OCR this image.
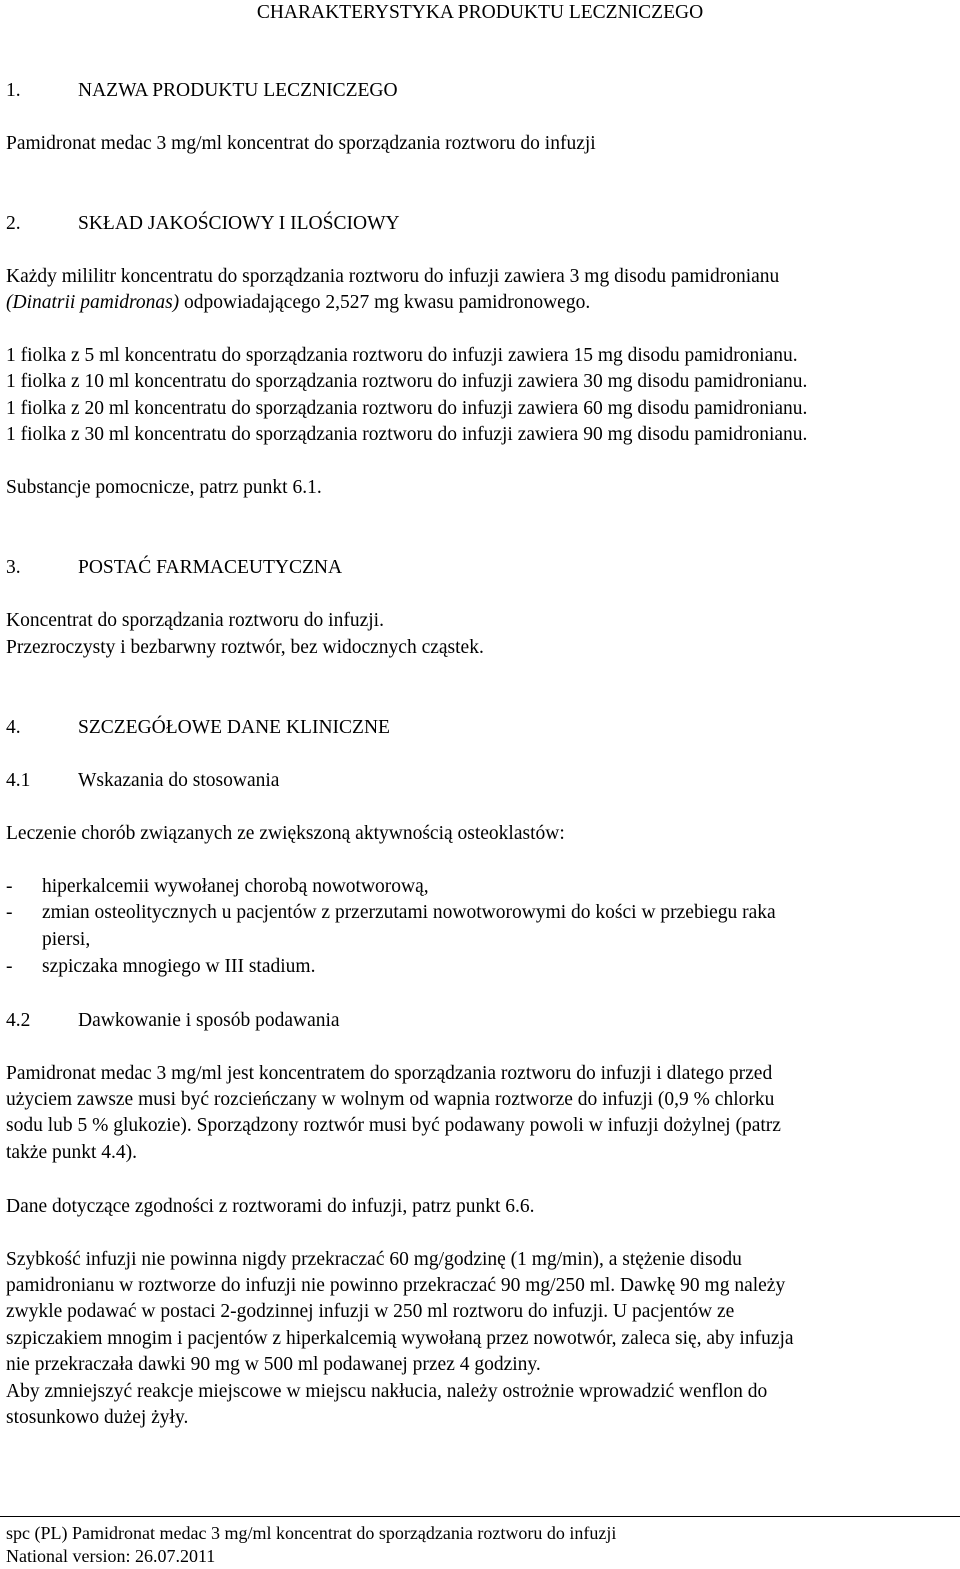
CHARAKTERYSTYKA PRODUKTU LECZNICZEGO
1.	NAZWA PRODUKTU LECZNICZEGO

Pamidronat medac 3 mg/ml koncentrat do sporządzania roztworu do infuzji
2.	SKŁAD JAKOŚCIOWY I ILOŚCIOWY

Każdy mililitr koncentratu do sporządzania roztworu do infuzji zawiera 3 mg disodu pamidronianu
(Dinatrii pamidronas) odpowiadającego 2,527 mg kwasu pamidronowego.
1 fiolka z 5 ml koncentratu do sporządzania roztworu do infuzji zawiera 15 mg disodu pamidronianu.
1 fiolka z 10 ml koncentratu do sporządzania roztworu do infuzji zawiera 30 mg disodu pamidronianu.
1 fiolka z 20 ml koncentratu do sporządzania roztworu do infuzji zawiera 60 mg disodu pamidronianu.
1 fiolka z 30 ml koncentratu do sporządzania roztworu do infuzji zawiera 90 mg disodu pamidronianu.
Substancje pomocnicze, patrz punkt 6.1.
3.	POSTAĆ FARMACEUTYCZNA

Koncentrat do sporządzania roztworu do infuzji.
Przezroczysty i bezbarwny roztwór, bez widocznych cząstek.
4.	SZCZEGÓŁOWE DANE KLINICZNE

4.1 Wskazania do stosowania

Leczenie chorób związanych ze zwiększoną aktywnością osteoklastów:
- hiperkalcemii wywołanej chorobą nowotworową,

- zmian osteolitycznych u pacjentów z przerzutami nowotworowymi do kości w przebiegu raka

piersi,
- szpiczaka mnogiego w III stadium.

4.2 Dawkowanie i sposób podawania

Pamidronat medac 3 mg/ml jest koncentratem do sporządzania roztworu do infuzji i dlatego przed
użyciem zawsze musi być rozcieńczany w wolnym od wapnia roztworze do infuzji (0,9 % chlorku
sodu lub 5 % glukozie). Sporządzony roztwór musi być podawany powoli w infuzji dożylnej (patrz
także punkt 4.4).
Dane dotyczące zgodności z roztworami do infuzji, patrz punkt 6.6.
Szybkość infuzji nie powinna nigdy przekraczać 60 mg/godzinę (1 mg/min), a stężenie disodu
pamidronianu w roztworze do infuzji nie powinno przekraczać 90 mg/250 ml. Dawkę 90 mg należy
zwykle podawać w postaci 2-godzinnej infuzji w 250 ml roztworu do infuzji. U pacjentów ze
szpiczakiem mnogim i pacjentów z hiperkalcemią wywołaną przez nowotwór, zaleca się, aby infuzja
nie przekraczała dawki 90 mg w 500 ml podawanej przez 4 godziny.
Aby zmniejszyć reakcje miejscowe w miejscu nakłucia, należy ostrożnie wprowadzić wenflon do
stosunkowo dużej żyły.
spc (PL) Pamidronat medac 3 mg/ml koncentrat do sporządzania roztworu do infuzji
National version: 26.07.2011
